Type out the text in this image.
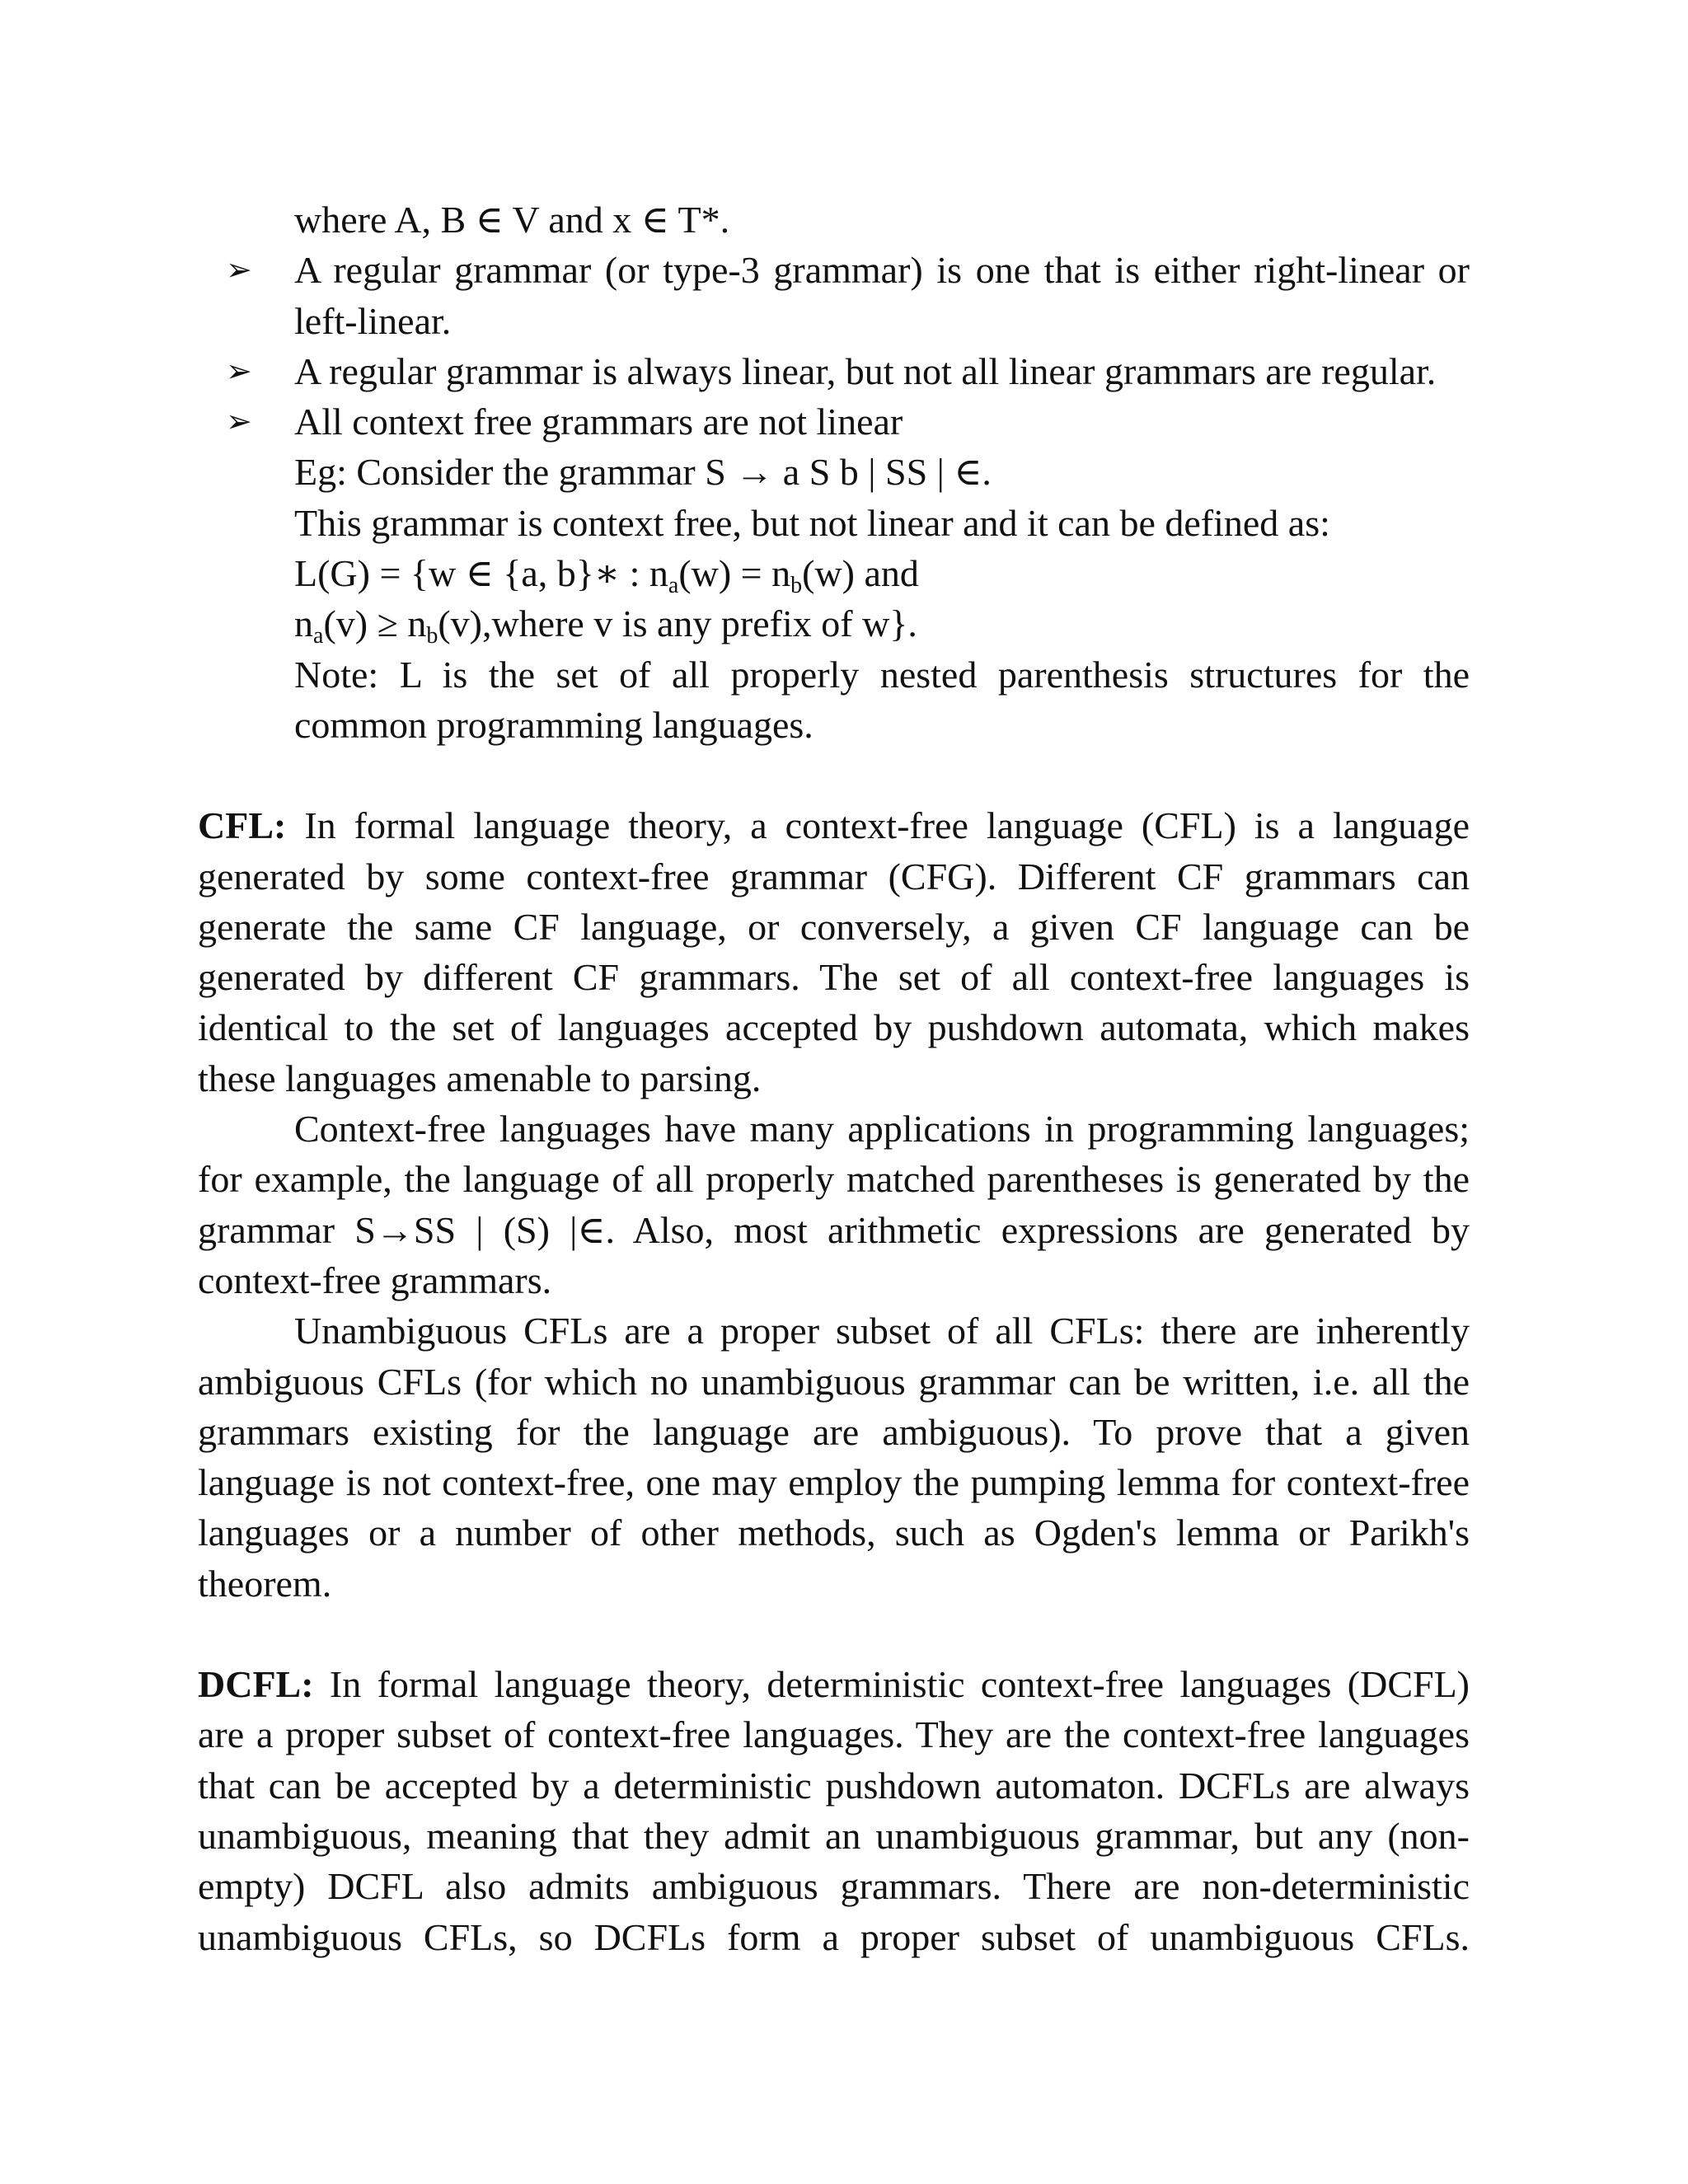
where A, B ∈ V and x ∈ T*.
➢ A regular grammar (or type-3 grammar) is one that is either right-linear or
left-linear.
➢ A regular grammar is always linear, but not all linear grammars are regular.
➢ All context free grammars are not linear
Eg: Consider the grammar S → a S b | SS | ∈.
This grammar is context free, but not linear and it can be defined as:
L(G) = {w ∈ {a, b}∗ : $n_a(w) = n_b(w)$ and
$n_a(v)$ ≥ $n_b(v),where$ v is any prefix of w}.
Note: L is the set of all properly nested parenthesis structures for the
common programming languages.
CFL: In formal language theory, a context-free language (CFL) is a language
generated by some context-free grammar (CFG). Different CF grammars can
generate the same CF language, or conversely, a given CF language can be
generated by different CF grammars. The set of all context-free languages is
identical to the set of languages accepted by pushdown automata, which makes
these languages amenable to parsing.
Context-free languages have many applications in programming languages;
for example, the language of all properly matched parentheses is generated by the
grammar S→SS | (S) |∈. Also, most arithmetic expressions are generated by
context-free grammars.
Unambiguous CFLs are a proper subset of all CFLs: there are inherently
ambiguous CFLs (for which no unambiguous grammar can be written, i.e. all the
grammars existing for the language are ambiguous). To prove that a given
language is not context-free, one may employ the pumping lemma for context-free
languages or a number of other methods, such as Ogden's lemma or Parikh's
theorem.
DCFL: In formal language theory, deterministic context-free languages (DCFL)
are a proper subset of context-free languages. They are the context-free languages
that can be accepted by a deterministic pushdown automaton. DCFLs are always
unambiguous, meaning that they admit an unambiguous grammar, but any (non-
empty) DCFL also admits ambiguous grammars. There are non-deterministic
unambiguous CFLs, so DCFLs form a proper subset of unambiguous CFLs.
